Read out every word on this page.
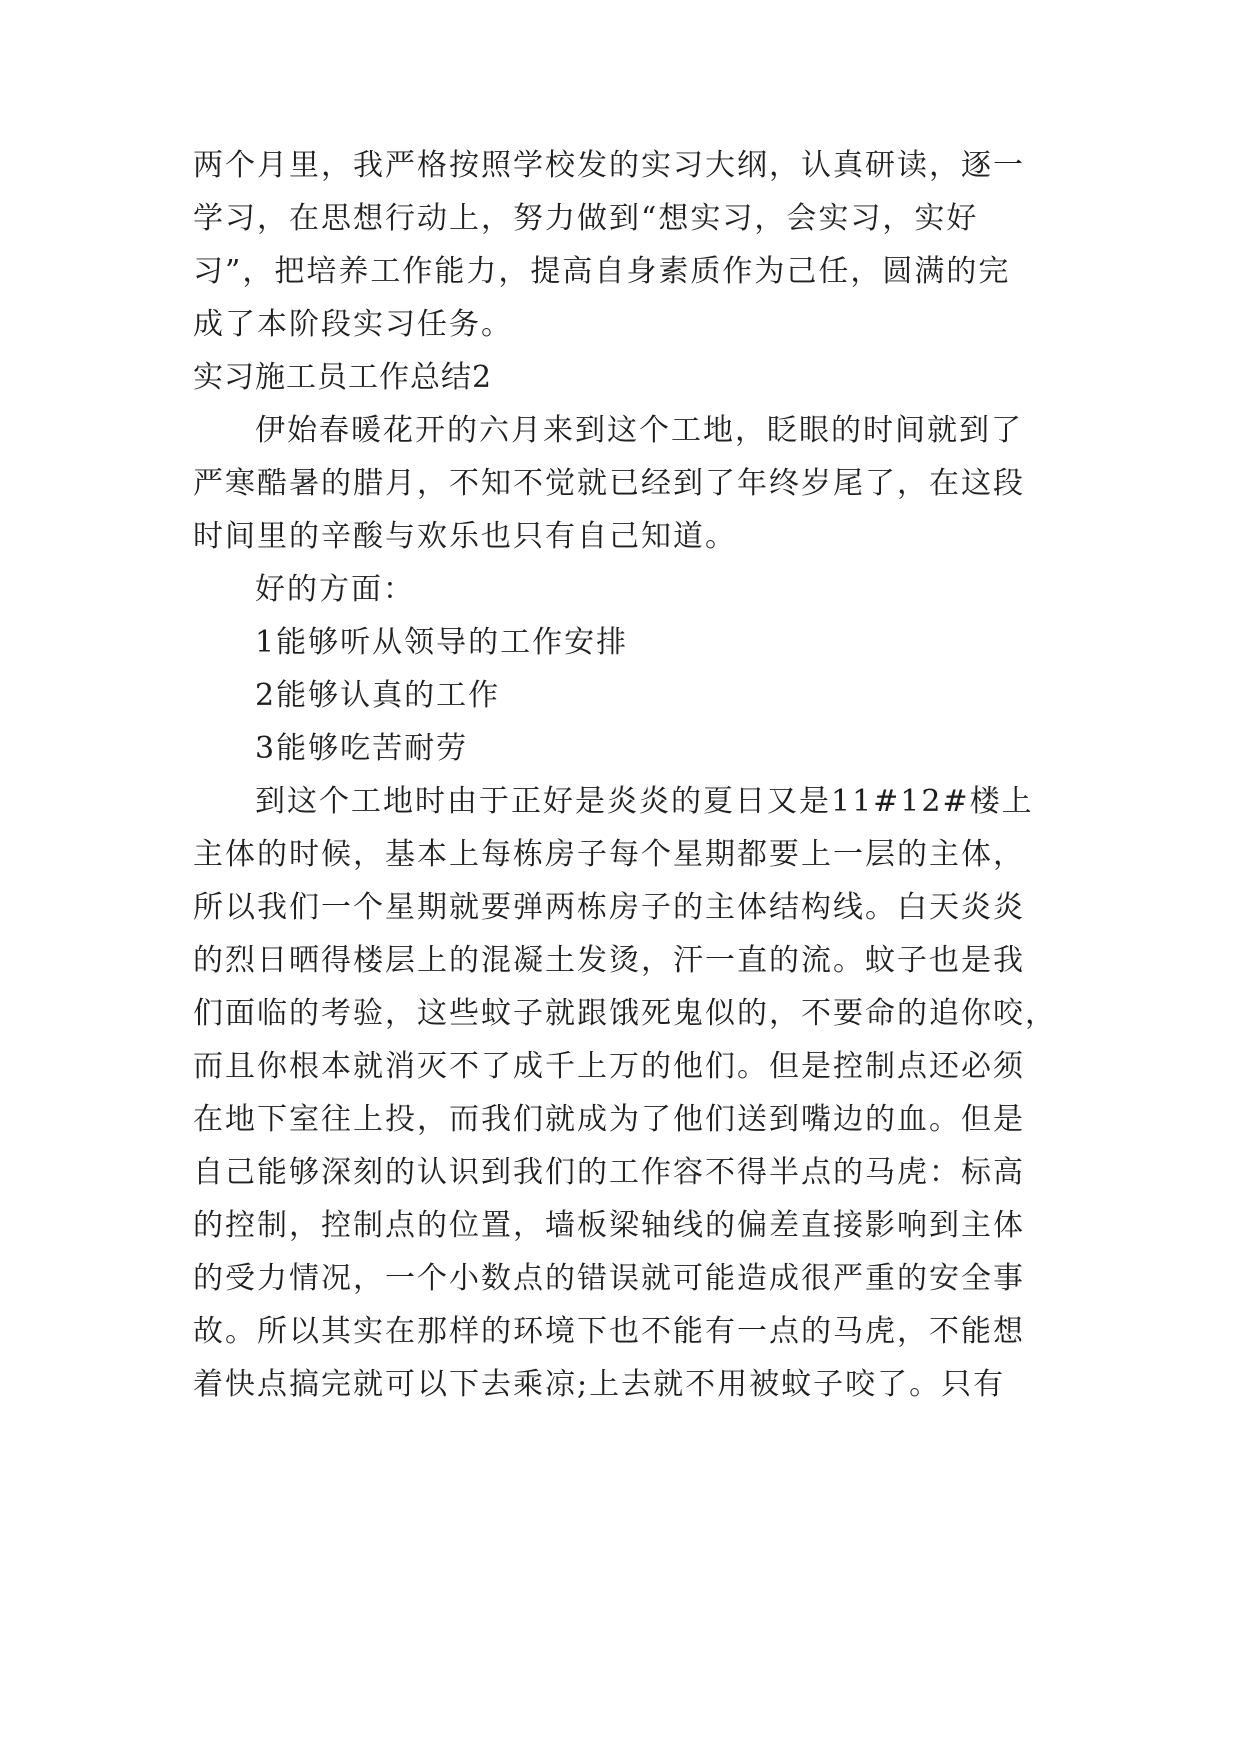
两个月里，我严格按照学校发的实习大纲，认真研读，逐一
学习，在思想行动上，努力做到“想实习，会实习，实好
习”，把培养工作能力，提高自身素质作为己任，圆满的完
成了本阶段实习任务。
实习施工员工作总结2
伊始春暖花开的六月来到这个工地，眨眼的时间就到了
严寒酷暑的腊月，不知不觉就已经到了年终岁尾了，在这段
时间里的辛酸与欢乐也只有自己知道。
好的方面：
1能够听从领导的工作安排
2能够认真的工作
3能够吃苦耐劳
到这个工地时由于正好是炎炎的夏日又是11#12#楼上
主体的时候，基本上每栋房子每个星期都要上一层的主体，
所以我们一个星期就要弹两栋房子的主体结构线。白天炎炎
的烈日晒得楼层上的混凝土发烫，汗一直的流。蚊子也是我
们面临的考验，这些蚊子就跟饿死鬼似的，不要命的追你咬，
而且你根本就消灭不了成千上万的他们。但是控制点还必须
在地下室往上投，而我们就成为了他们送到嘴边的血。但是
自己能够深刻的认识到我们的工作容不得半点的马虎：标高
的控制，控制点的位置，墙板梁轴线的偏差直接影响到主体
的受力情况，一个小数点的错误就可能造成很严重的安全事
故。所以其实在那样的环境下也不能有一点的马虎，不能想
着快点搞完就可以下去乘凉;上去就不用被蚊子咬了。只有
